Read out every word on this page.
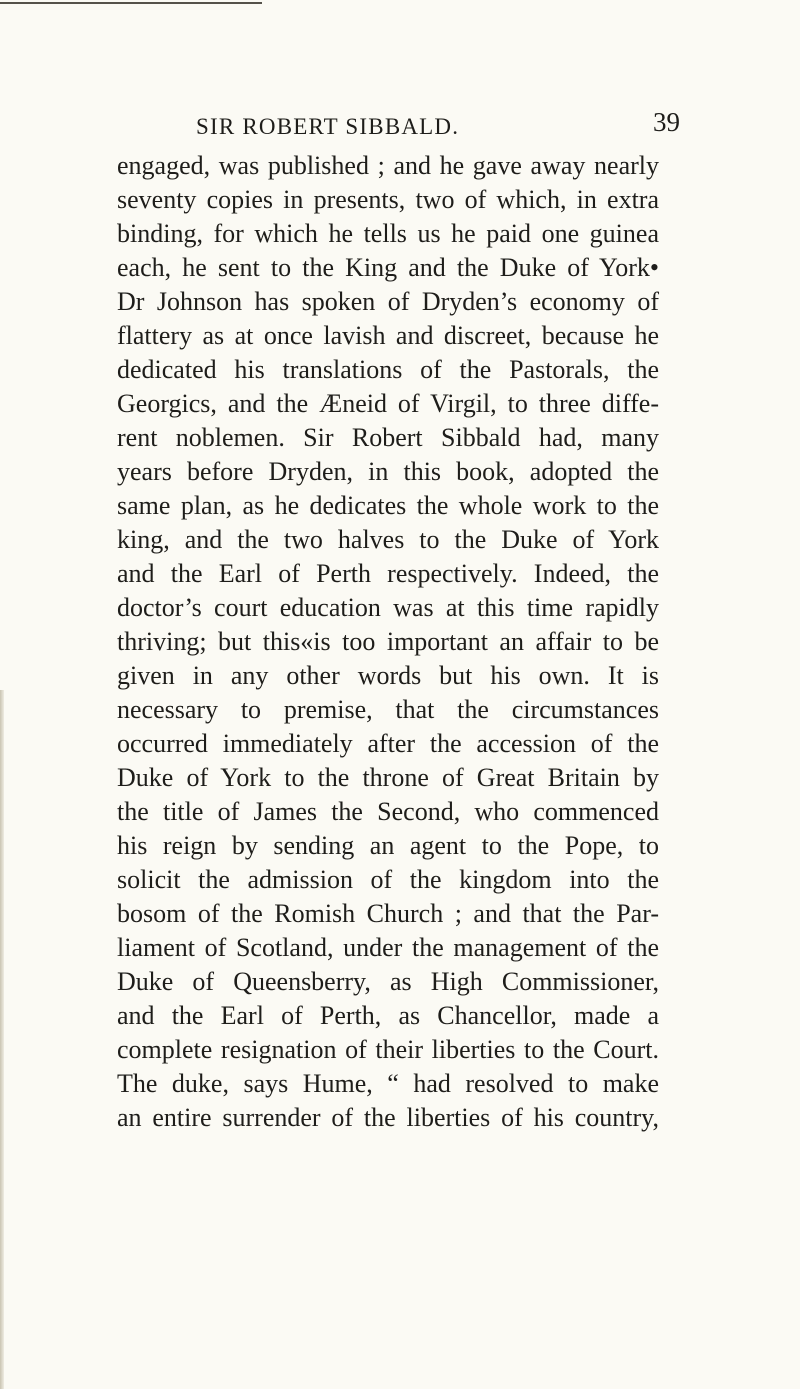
SIR ROBERT SIBBALD.	39
engaged, was published ; and he gave away nearly
seventy copies in presents, two of which, in extra
binding, for which he tells us he paid one guinea
each, he sent to the King and the Duke of York•
Dr Johnson has spoken of Dryden’s economy of
flattery as at once lavish and discreet, because he
dedicated his translations of the Pastorals, the
Georgics, and the Æneid of Virgil, to three diffe-
rent noblemen. Sir Robert Sibbald had, many
years before Dryden, in this book, adopted the
same plan, as he dedicates the whole work to the
king, and the two halves to the Duke of York
and the Earl of Perth respectively. Indeed, the
doctor’s court education was at this time rapidly
thriving; but this«is too important an affair to be
given in any other words but his own. It is
necessary to premise, that the circumstances
occurred immediately after the accession of the
Duke of York to the throne of Great Britain by
the title of James the Second, who commenced
his reign by sending an agent to the Pope, to
solicit the admission of the kingdom into the
bosom of the Romish Church ; and that the Par-
liament of Scotland, under the management of the
Duke of Queensberry, as High Commissioner,
and the Earl of Perth, as Chancellor, made a
complete resignation of their liberties to the Court.
The duke, says Hume, “ had resolved to make
an entire surrender of the liberties of his country,
